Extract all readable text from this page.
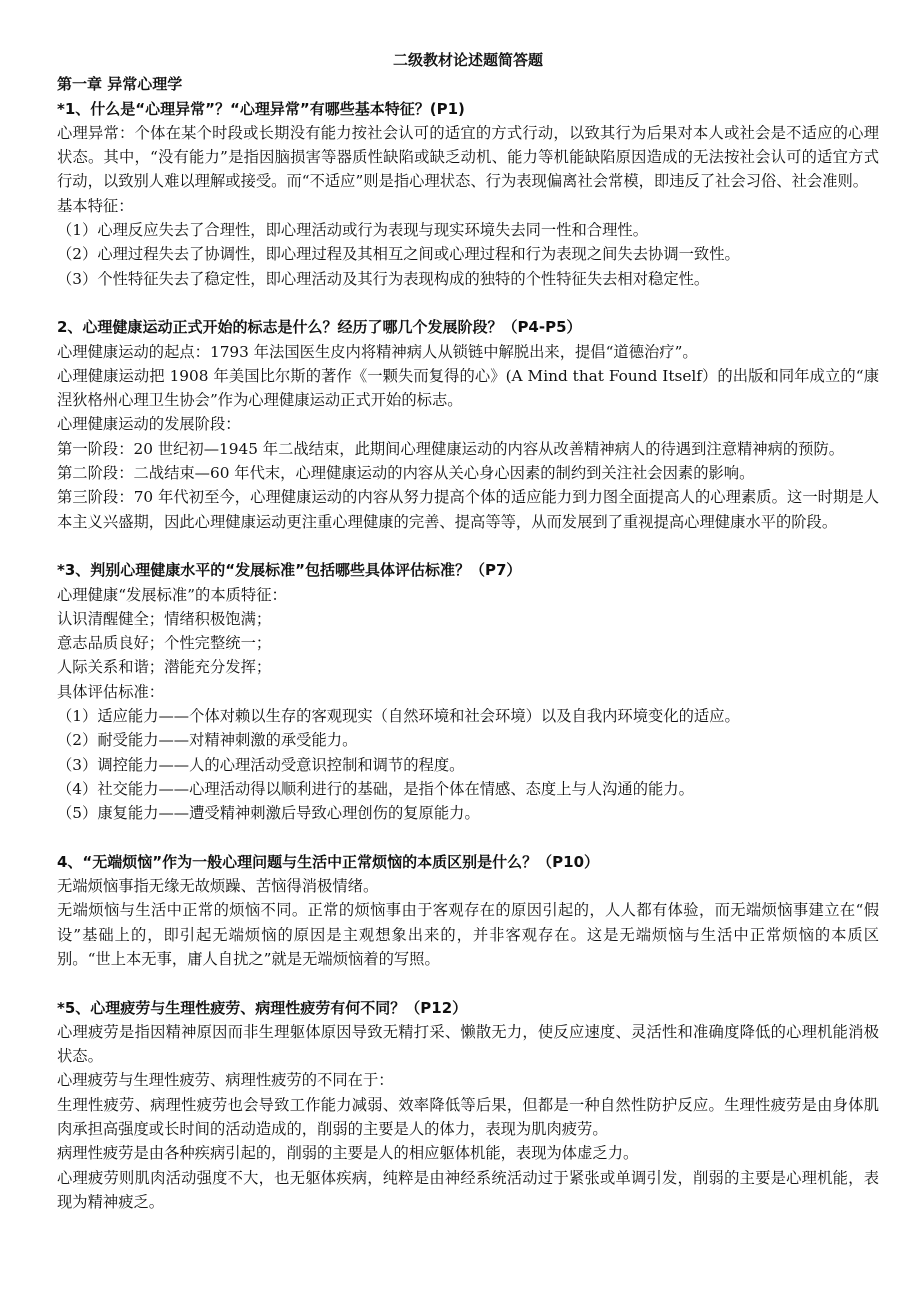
二级教材论述题简答题
第一章 异常心理学
*1、什么是“心理异常”？“心理异常”有哪些基本特征？(P1)
心理异常：个体在某个时段或长期没有能力按社会认可的适宜的方式行动，以致其行为后果对本人或社会是不适应的心理状态。其中，“没有能力”是指因脑损害等器质性缺陷或缺乏动机、能力等机能缺陷原因造成的无法按社会认可的适宜方式行动，以致别人难以理解或接受。而“不适应”则是指心理状态、行为表现偏离社会常模，即违反了社会习俗、社会准则。
基本特征：
（1）心理反应失去了合理性，即心理活动或行为表现与现实环境失去同一性和合理性。
（2）心理过程失去了协调性，即心理过程及其相互之间或心理过程和行为表现之间失去协调一致性。
（3）个性特征失去了稳定性，即心理活动及其行为表现构成的独特的个性特征失去相对稳定性。
2、心理健康运动正式开始的标志是什么？经历了哪几个发展阶段？（P4-P5）
心理健康运动的起点：1793 年法国医生皮内将精神病人从锁链中解脱出来，提倡“道德治疗”。
心理健康运动把 1908 年美国比尔斯的著作《一颗失而复得的心》(A Mind that Found Itself）的出版和同年成立的“康涅狄格州心理卫生协会”作为心理健康运动正式开始的标志。
心理健康运动的发展阶段：
第一阶段：20 世纪初—1945 年二战结束，此期间心理健康运动的内容从改善精神病人的待遇到注意精神病的预防。
第二阶段：二战结束—60 年代末，心理健康运动的内容从关心身心因素的制约到关注社会因素的影响。
第三阶段：70 年代初至今，心理健康运动的内容从努力提高个体的适应能力到力图全面提高人的心理素质。这一时期是人本主义兴盛期，因此心理健康运动更注重心理健康的完善、提高等等，从而发展到了重视提高心理健康水平的阶段。
*3、判别心理健康水平的“发展标准”包括哪些具体评估标准？（P7）
心理健康“发展标准”的本质特征：
认识清醒健全；情绪积极饱满；
意志品质良好；个性完整统一；
人际关系和谐；潜能充分发挥；
具体评估标准：
（1）适应能力——个体对赖以生存的客观现实（自然环境和社会环境）以及自我内环境变化的适应。
（2）耐受能力——对精神刺激的承受能力。
（3）调控能力——人的心理活动受意识控制和调节的程度。
（4）社交能力——心理活动得以顺利进行的基础，是指个体在情感、态度上与人沟通的能力。
（5）康复能力——遭受精神刺激后导致心理创伤的复原能力。
4、“无端烦恼”作为一般心理问题与生活中正常烦恼的本质区别是什么？（P10）
无端烦恼事指无缘无故烦躁、苦恼得消极情绪。
无端烦恼与生活中正常的烦恼不同。正常的烦恼事由于客观存在的原因引起的，人人都有体验，而无端烦恼事建立在“假设”基础上的，即引起无端烦恼的原因是主观想象出来的，并非客观存在。这是无端烦恼与生活中正常烦恼的本质区别。“世上本无事，庸人自扰之”就是无端烦恼着的写照。
*5、心理疲劳与生理性疲劳、病理性疲劳有何不同？（P12）
心理疲劳是指因精神原因而非生理躯体原因导致无精打采、懒散无力，使反应速度、灵活性和准确度降低的心理机能消极状态。
心理疲劳与生理性疲劳、病理性疲劳的不同在于：
生理性疲劳、病理性疲劳也会导致工作能力减弱、效率降低等后果，但都是一种自然性防护反应。生理性疲劳是由身体肌肉承担高强度或长时间的活动造成的，削弱的主要是人的体力，表现为肌肉疲劳。
病理性疲劳是由各种疾病引起的，削弱的主要是人的相应躯体机能，表现为体虚乏力。
心理疲劳则肌肉活动强度不大，也无躯体疾病，纯粹是由神经系统活动过于紧张或单调引发，削弱的主要是心理机能，表现为精神疲乏。
